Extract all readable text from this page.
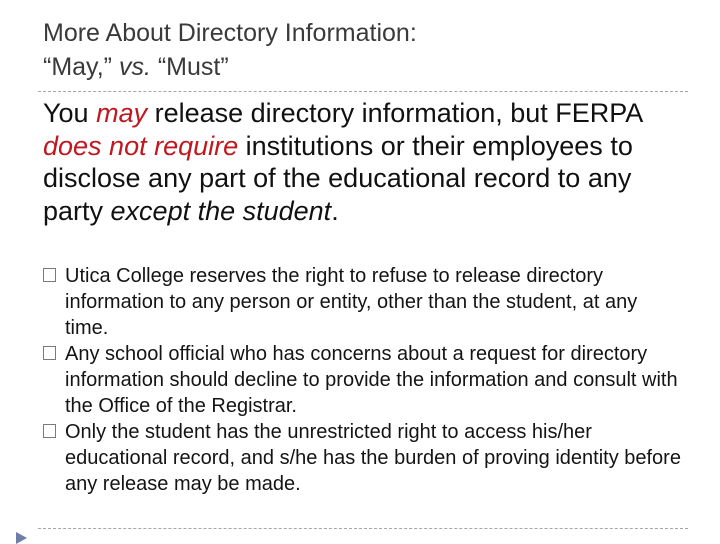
More About Directory Information:
“May,” vs. “Must”
You may release directory information, but FERPA does not require institutions or their employees to disclose any part of the educational record to any party except the student.
Utica College reserves the right to refuse to release directory information to any person or entity, other than the student, at any time.
Any school official who has concerns about a request for directory information should decline to provide the information and consult with the Office of the Registrar.
Only the student has the unrestricted right to access his/her educational record, and s/he has the burden of proving identity before any release may be made.
